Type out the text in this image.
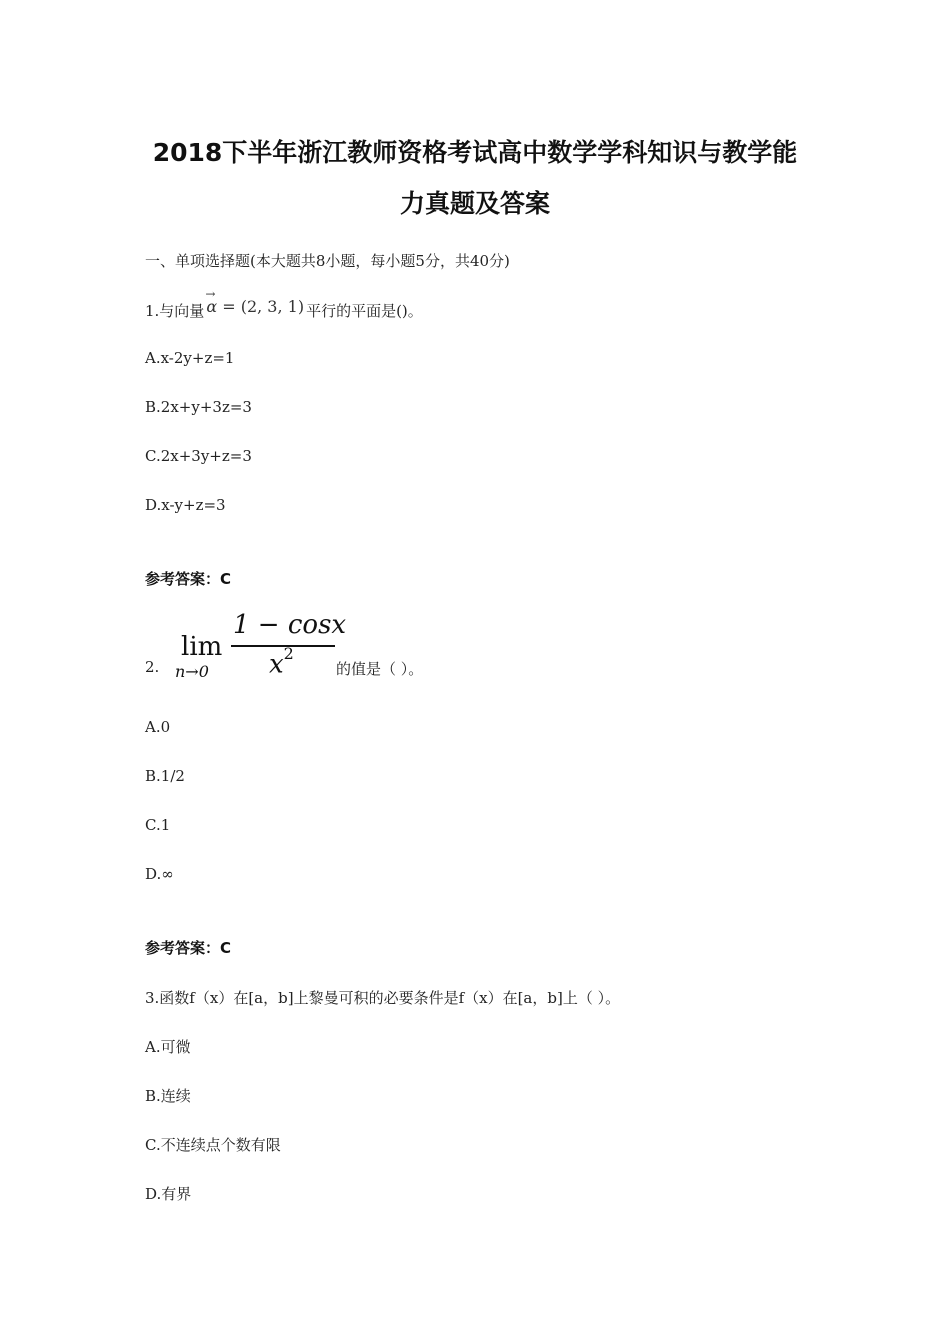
2018下半年浙江教师资格考试高中数学学科知识与教学能
力真题及答案
一、单项选择题(本大题共8小题，每小题5分，共40分)
1.与向量
→
α = (2, 3, 1) 平行的平面是()。
A.x-2y+z=1
B.2x+y+3z=3
C.2x+3y+z=3
D.x-y+z=3
参考答案：C
2.
lim
n→0
1 − cosx
$x^2$
的值是（ ）。
A.0
B.1/2
C.1
D.∞
参考答案：C
3.函数f（x）在[a，b]上黎曼可积的必要条件是f（x）在[a，b]上（ ）。
A.可微
B.连续
C.不连续点个数有限
D.有界
